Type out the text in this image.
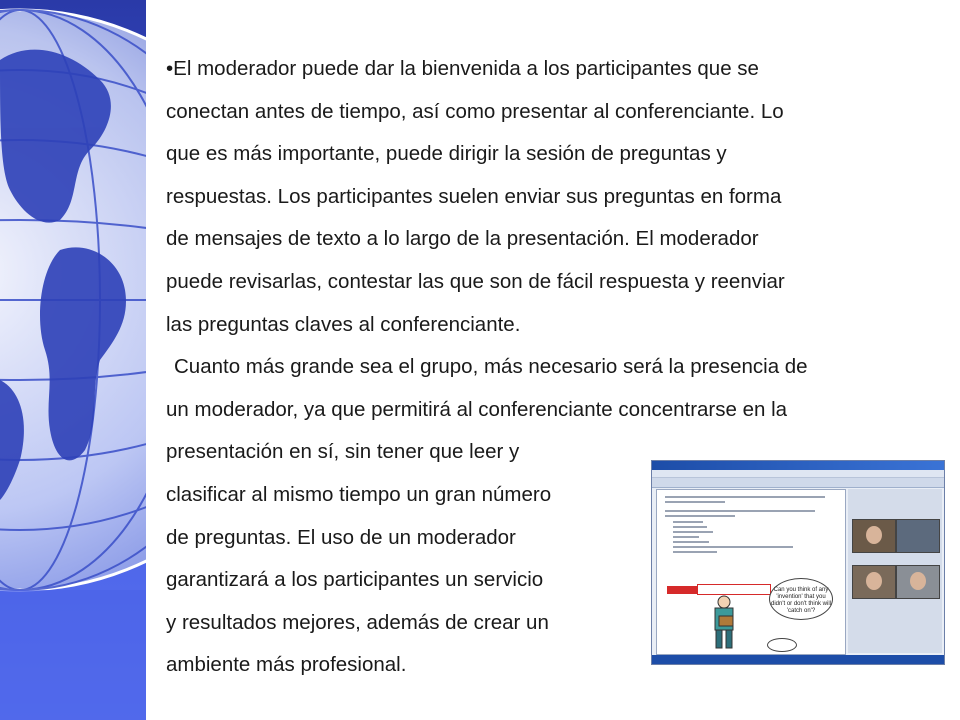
•El moderador puede dar la bienvenida a los participantes que se
conectan antes de tiempo, así como presentar al conferenciante. Lo
que es más importante, puede dirigir la sesión de preguntas y
respuestas. Los participantes suelen enviar sus preguntas en forma
de mensajes de texto a lo largo de la presentación. El moderador
puede revisarlas, contestar las que son de fácil respuesta y reenviar
las preguntas claves al conferenciante.

Cuanto más grande sea el grupo, más necesario será la presencia de

un moderador, ya que permitirá al conferenciante concentrarse en la
presentación en sí, sin tener que leer y
clasificar al mismo tiempo un gran número
de preguntas. El uso de un moderador
garantizará a los participantes un servicio
y resultados mejores, además de crear un
ambiente más profesional.

Can you think of any 'invention' that you didn't or don't think will 'catch on'?
